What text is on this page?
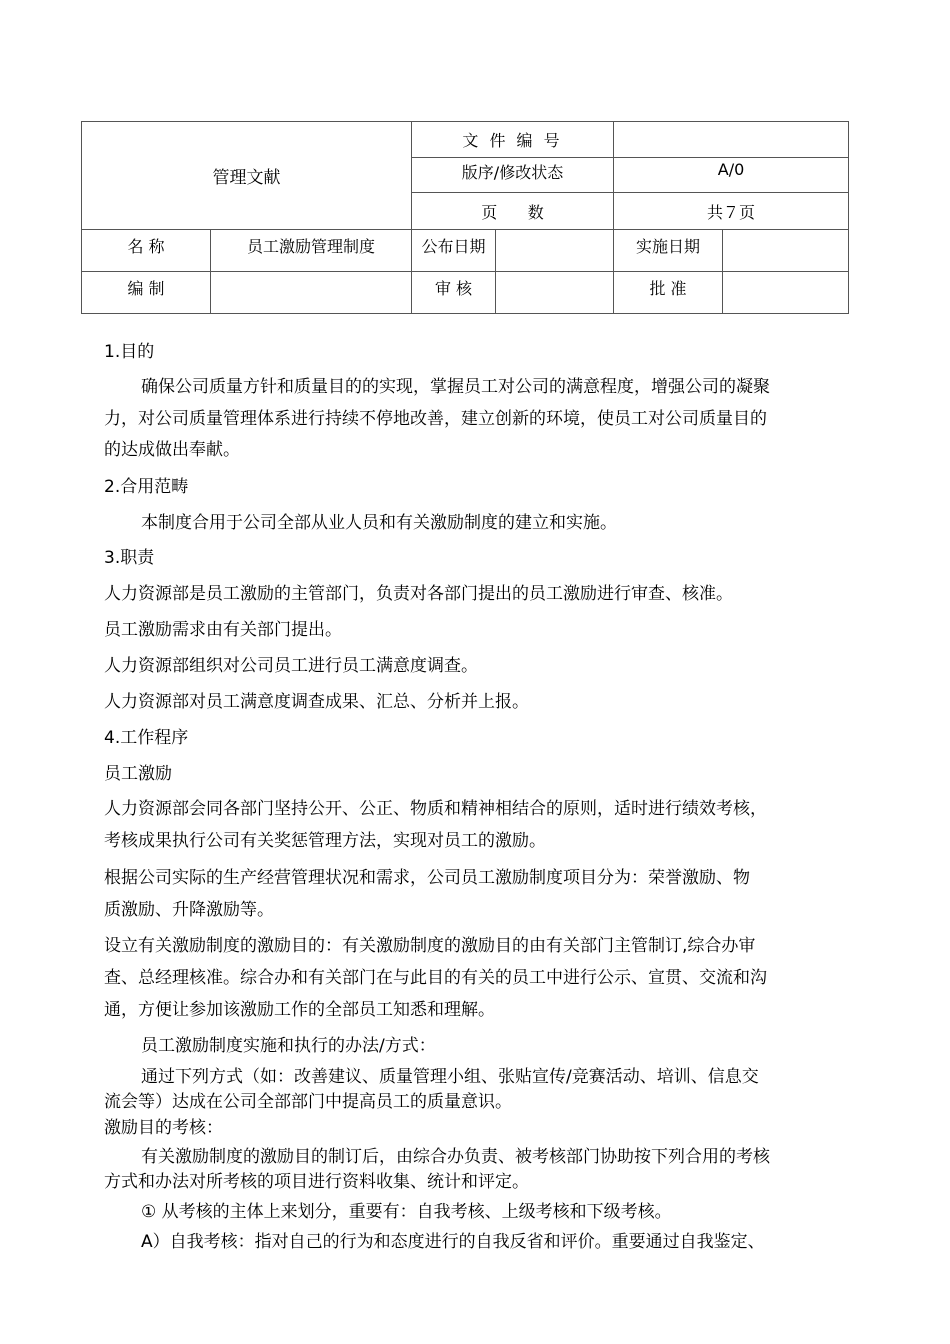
管理文献		文 件 编 号			
		版序/修改状态		A/0	
		页      数		共７页	
名 称	员工激励管理制度	公布日期		实施日期	
编 制		审 核		批 准	
1.目的
确保公司质量方针和质量目的的实现，掌握员工对公司的满意程度，增强公司的凝聚
力，对公司质量管理体系进行持续不停地改善，建立创新的环境，使员工对公司质量目的
的达成做出奉献。
2.合用范畴
本制度合用于公司全部从业人员和有关激励制度的建立和实施。
3.职责
人力资源部是员工激励的主管部门，负责对各部门提出的员工激励进行审查、核准。
员工激励需求由有关部门提出。
人力资源部组织对公司员工进行员工满意度调查。
人力资源部对员工满意度调查成果、汇总、分析并上报。
4.工作程序
员工激励
人力资源部会同各部门坚持公开、公正、物质和精神相结合的原则，适时进行绩效考核，
考核成果执行公司有关奖惩管理方法，实现对员工的激励。
根据公司实际的生产经营管理状况和需求，公司员工激励制度项目分为：荣誉激励、物
质激励、升降激励等。
设立有关激励制度的激励目的：有关激励制度的激励目的由有关部门主管制订,综合办审
查、总经理核准。综合办和有关部门在与此目的有关的员工中进行公示、宣贯、交流和沟
通，方便让参加该激励工作的全部员工知悉和理解。
员工激励制度实施和执行的办法/方式：
通过下列方式（如：改善建议、质量管理小组、张贴宣传/竞赛活动、培训、信息交
流会等）达成在公司全部部门中提高员工的质量意识。
激励目的考核：
有关激励制度的激励目的制订后，由综合办负责、被考核部门协助按下列合用的考核
方式和办法对所考核的项目进行资料收集、统计和评定。
① 从考核的主体上来划分，重要有：自我考核、上级考核和下级考核。
A）自我考核：指对自己的行为和态度进行的自我反省和评价。重要通过自我鉴定、
